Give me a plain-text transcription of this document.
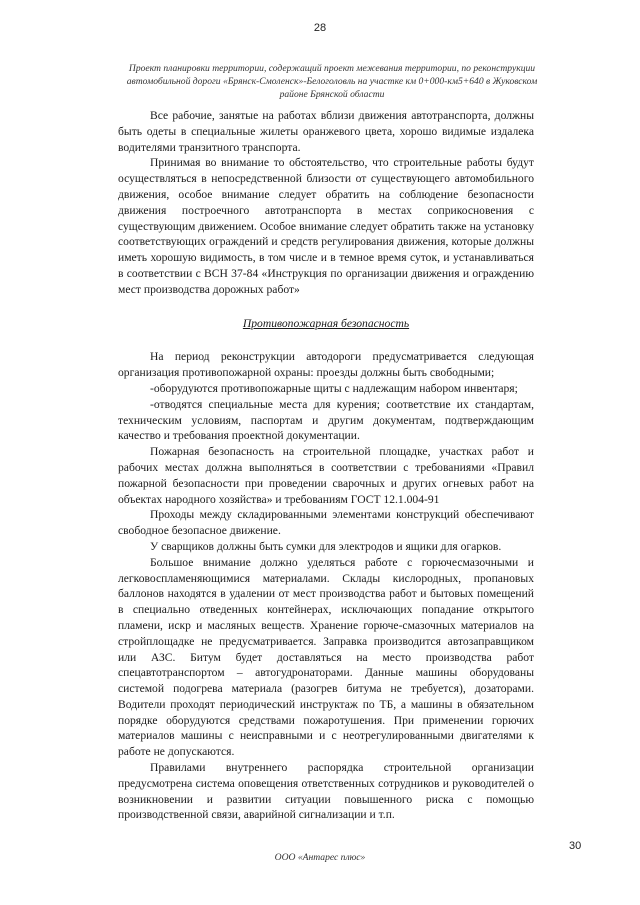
28
Проект планировки территории, содержащий проект межевания территории, по реконструкции автомобильной дороги «Брянск-Смоленск»-Белоголовль на участке км 0+000-км5+640 в Жуковском районе Брянской области

Все рабочие, занятые на работах вблизи движения автотранспорта, должны быть одеты в специальные жилеты оранжевого цвета, хорошо видимые издалека водителями транзитного транспорта.

Принимая во внимание то обстоятельство, что строительные работы будут осуществляться в непосредственной близости от существующего автомобильного движения, особое внимание следует обратить на соблюдение безопасности движения построечного автотранспорта в местах соприкосновения с существующим движением. Особое внимание следует обратить также на установку соответствующих ограждений и средств регулирования движения, которые должны иметь хорошую видимость, в том числе и в темное время суток, и устанавливаться в соответствии с ВСН 37-84 «Инструкция по организации движения и ограждению мест производства дорожных работ»

Противопожарная безопасность

На период реконструкции автодороги предусматривается следующая организация противопожарной охраны: проезды должны быть свободными;

-оборудуются противопожарные щиты с надлежащим набором инвентаря;

-отводятся специальные места для курения; соответствие их стандартам, техническим условиям, паспортам и другим документам, подтверждающим качество и требования проектной документации.

Пожарная безопасность на строительной площадке, участках работ и рабочих местах должна выполняться в соответствии с требованиями «Правил пожарной безопасности при проведении сварочных и других огневых работ на объектах народного хозяйства» и требованиям ГОСТ 12.1.004-91

Проходы между складированными элементами конструкций обеспечивают свободное безопасное движение.

У сварщиков должны быть сумки для электродов и ящики для огарков.

Большое внимание должно уделяться работе с горючесмазочными и легковоспламеняющимися материалами. Склады кислородных, пропановых баллонов находятся в удалении от мест производства работ и бытовых помещений в специально отведенных контейнерах, исключающих попадание открытого пламени, искр и масляных веществ. Хранение горюче-смазочных материалов на стройплощадке не предусматривается. Заправка производится автозаправщиком или АЗС. Битум будет доставляться на место производства работ спецавтотранспортом – автогудронаторами. Данные машины оборудованы системой подогрева материала (разогрев битума не требуется), дозаторами. Водители проходят периодический инструктаж по ТБ, а машины в обязательном порядке оборудуются средствами пожаротушения. При применении горючих материалов машины с неисправными и с неотрегулированными двигателями к работе не допускаются.

Правилами внутреннего распорядка строительной организации предусмотрена система оповещения ответственных сотрудников и руководителей о возникновении и развитии ситуации повышенного риска с помощью производственной связи, аварийной сигнализации и т.п.

30
ООО «Антарес плюс»
